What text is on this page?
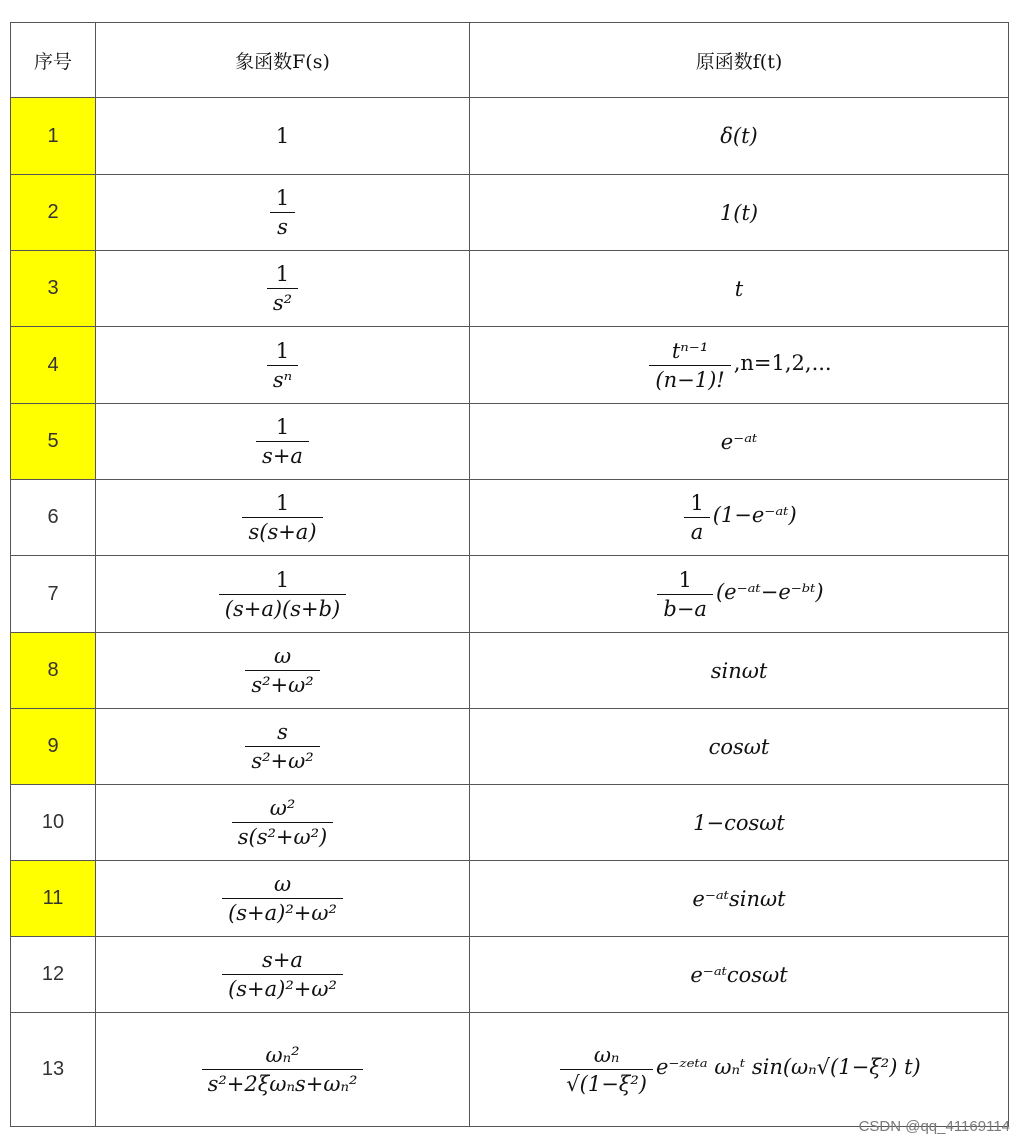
序号	象函数F(s)	原函数f(t)
1	1	δ(t)
2	$\frac{1}{s}$	1(t)
3	$\frac{1}{\text{s²}}$	t
4	$\frac{1}{\text{sⁿ}}$	$\frac{\text{tⁿ⁻¹}}{(n-1)!} ,n=1,2$,...
5	$\frac{1}{s+a}$	e⁻ᵃᵗ
6	$\frac{1}{s(s+a)}$	$\frac{1}{a}$ (1−e⁻ᵃᵗ)
7	$\frac{1}{(s+a)(s+b)}$	$\frac{1}{b-a}$ (e⁻ᵃᵗ−e⁻ᵇᵗ)
8	$\frac{\omega}{\text{s²+ω²}}$	sinωt
9	$\frac{s}{\text{s²+ω²}}$	cosωt
10	$\frac{\text{ω²}}{\text{s(s²+ω²)}}$	1−cosωt
11	$\frac{\omega}{\text{(s+a)²+ω²}}$	e⁻ᵃᵗsinωt
12	$\frac{s+a}{\text{(s+a)²+ω²}}$	e⁻ᵃᵗcosωt
13	$\frac{\text{ωₙ²}}{\text{s²+2ξωₙs+ωₙ²}}$	$\frac{\text{ωₙ}}{\text{√(1−ξ²)}}$ e⁻ᶻᵉᵗᵃ ωₙᵗ sin(ωₙ√(1−ξ²) t)
CSDN @qq_41169114
